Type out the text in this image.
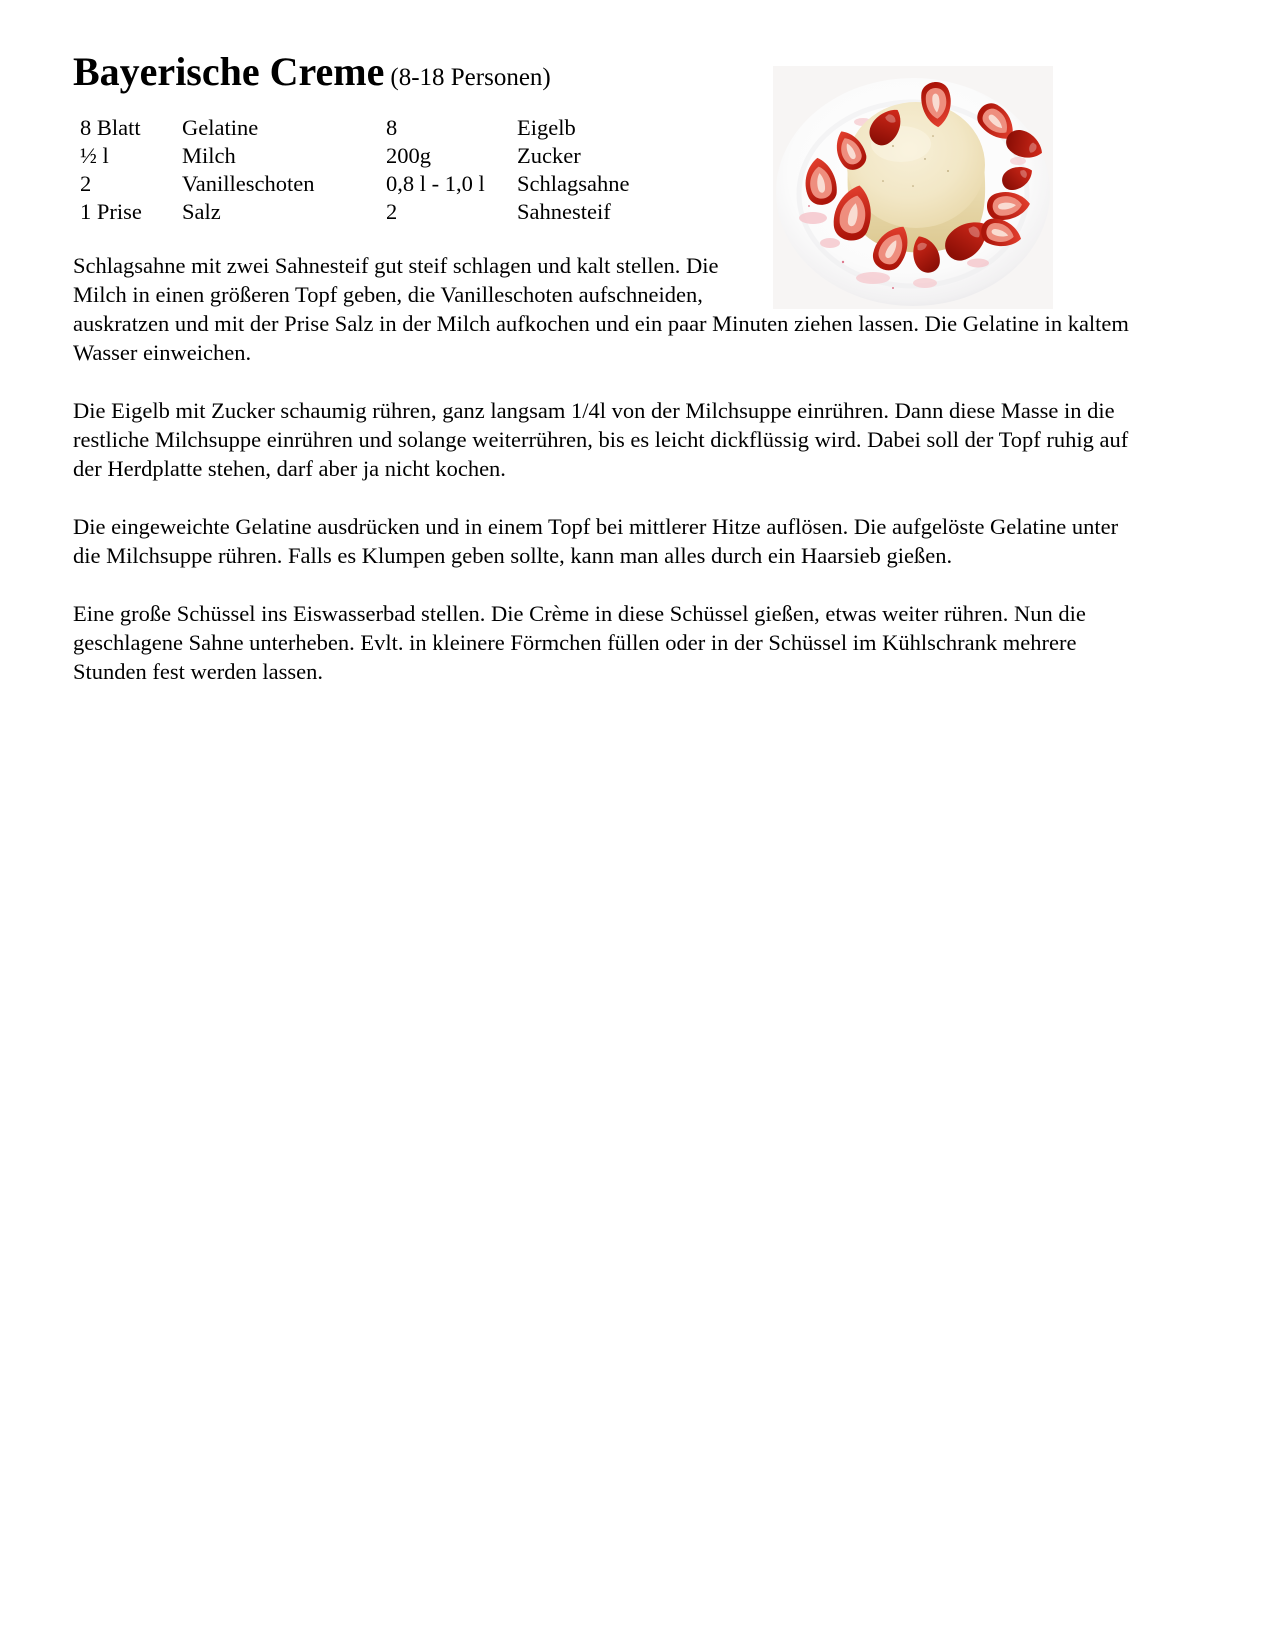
Bayerische Creme (8-18 Personen)
8 Blatt	Gelatine	8	Eigelb
½ l	Milch	200g	Zucker
2	Vanilleschoten	0,8 l - 1,0 l	Schlagsahne
1 Prise	Salz	2	Sahnesteif

Schlagsahne mit zwei Sahnesteif gut steif schlagen und kalt stellen. Die Milch in einen größeren Topf geben, die Vanilleschoten aufschneiden, auskratzen und mit der Prise Salz in der Milch aufkochen und ein paar Minuten ziehen lassen. Die Gelatine in kaltem Wasser einweichen.

Die Eigelb mit Zucker schaumig rühren, ganz langsam 1/4l von der Milchsuppe einrühren. Dann diese Masse in die restliche Milchsuppe einrühren und solange weiterrühren, bis es leicht dickflüssig wird. Dabei soll der Topf ruhig auf der Herdplatte stehen, darf aber ja nicht kochen.

Die eingeweichte Gelatine ausdrücken und in einem Topf bei mittlerer Hitze auflösen. Die aufgelöste Gelatine unter die Milchsuppe rühren. Falls es Klumpen geben sollte, kann man alles durch ein Haarsieb gießen.

Eine große Schüssel ins Eiswasserbad stellen. Die Crème in diese Schüssel gießen, etwas weiter rühren. Nun die geschlagene Sahne unterheben. Evlt. in kleinere Förmchen füllen oder in der Schüssel im Kühlschrank mehrere Stunden fest werden lassen.
